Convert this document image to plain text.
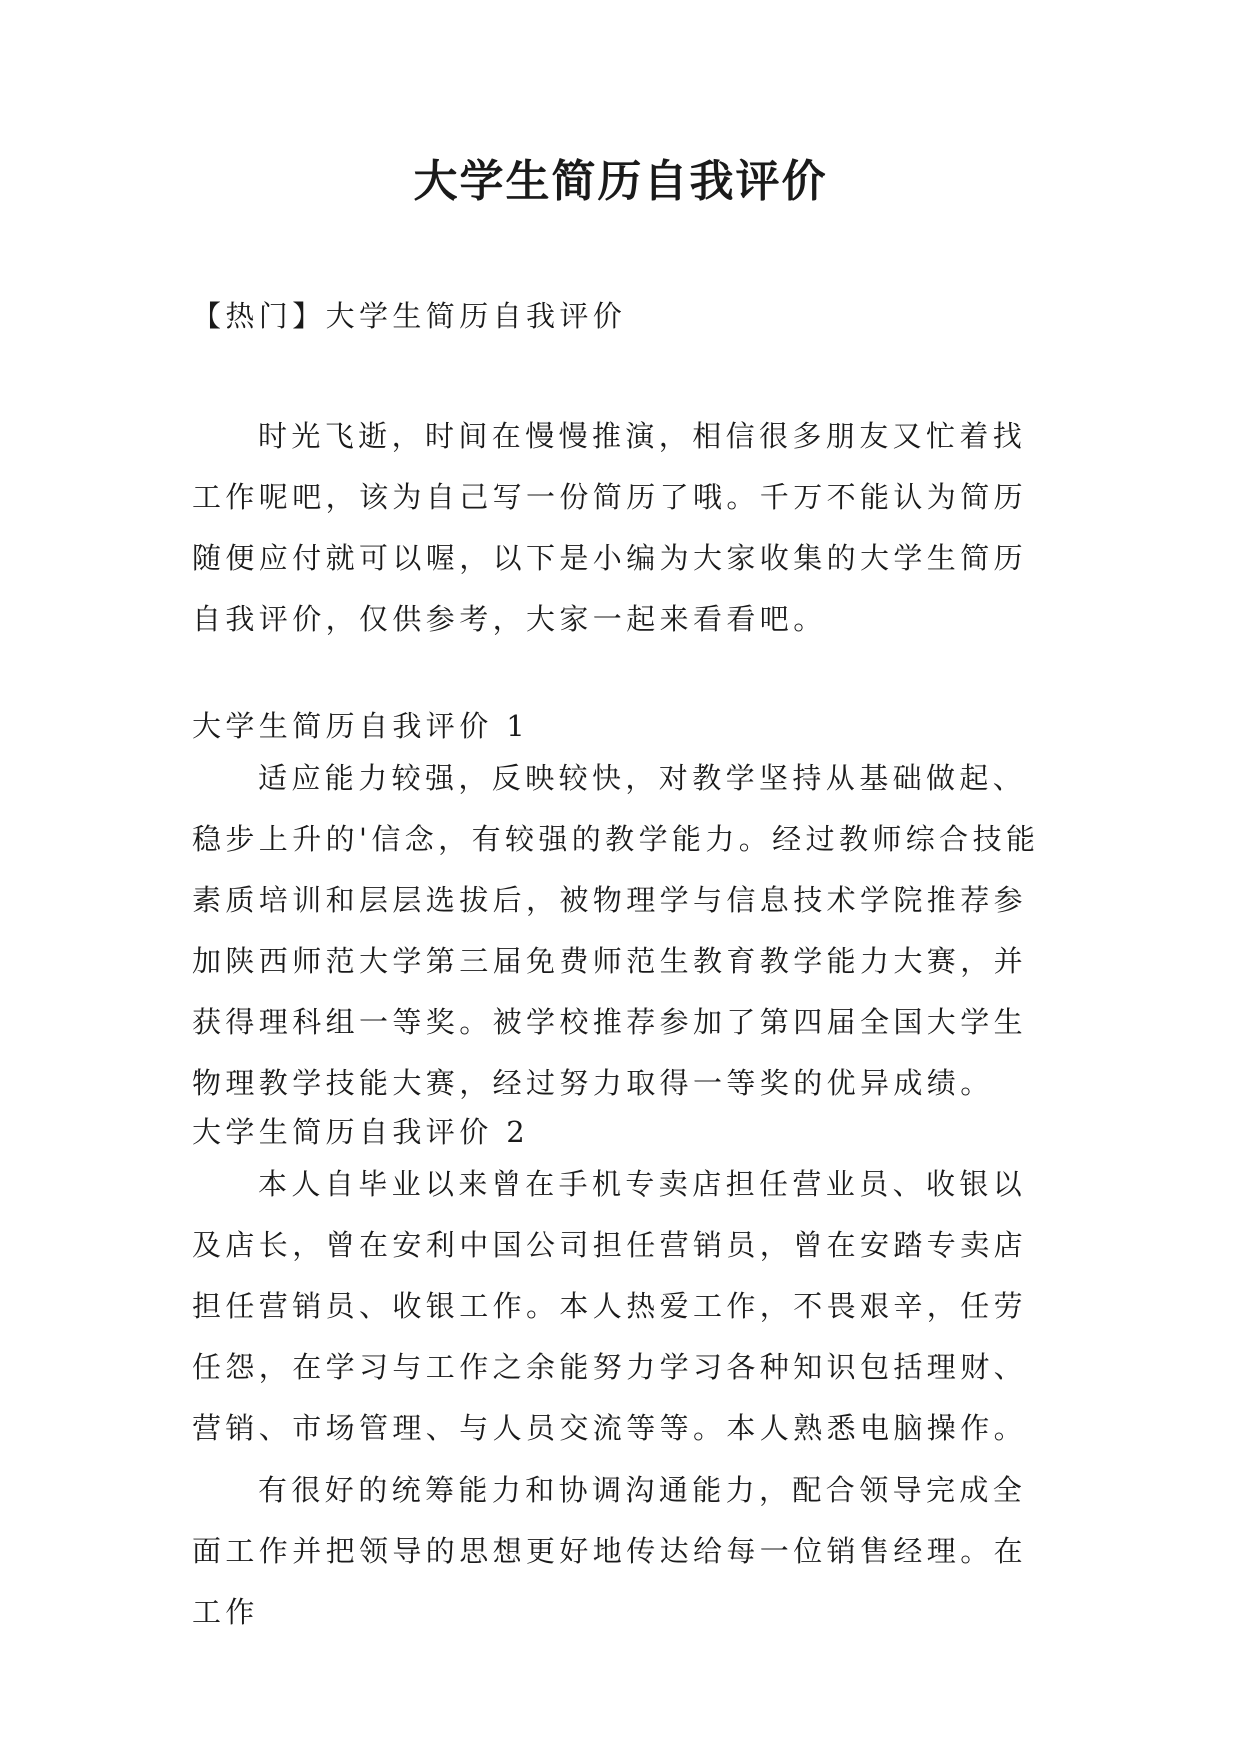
大学生简历自我评价

【热门】大学生简历自我评价

时光飞逝，时间在慢慢推演，相信很多朋友又忙着找工作呢吧，该为自己写一份简历了哦。千万不能认为简历随便应付就可以喔，以下是小编为大家收集的大学生简历自我评价，仅供参考，大家一起来看看吧。

大学生简历自我评价 1

适应能力较强，反映较快，对教学坚持从基础做起、稳步上升的'信念，有较强的教学能力。经过教师综合技能素质培训和层层选拔后，被物理学与信息技术学院推荐参加陕西师范大学第三届免费师范生教育教学能力大赛，并获得理科组一等奖。被学校推荐参加了第四届全国大学生物理教学技能大赛，经过努力取得一等奖的优异成绩。

大学生简历自我评价 2

本人自毕业以来曾在手机专卖店担任营业员、收银以及店长，曾在安利中国公司担任营销员，曾在安踏专卖店担任营销员、收银工作。本人热爱工作，不畏艰辛，任劳任怨，在学习与工作之余能努力学习各种知识包括理财、营销、市场管理、与人员交流等等。本人熟悉电脑操作。

有很好的统筹能力和协调沟通能力，配合领导完成全面工作并把领导的思想更好地传达给每一位销售经理。在工作
